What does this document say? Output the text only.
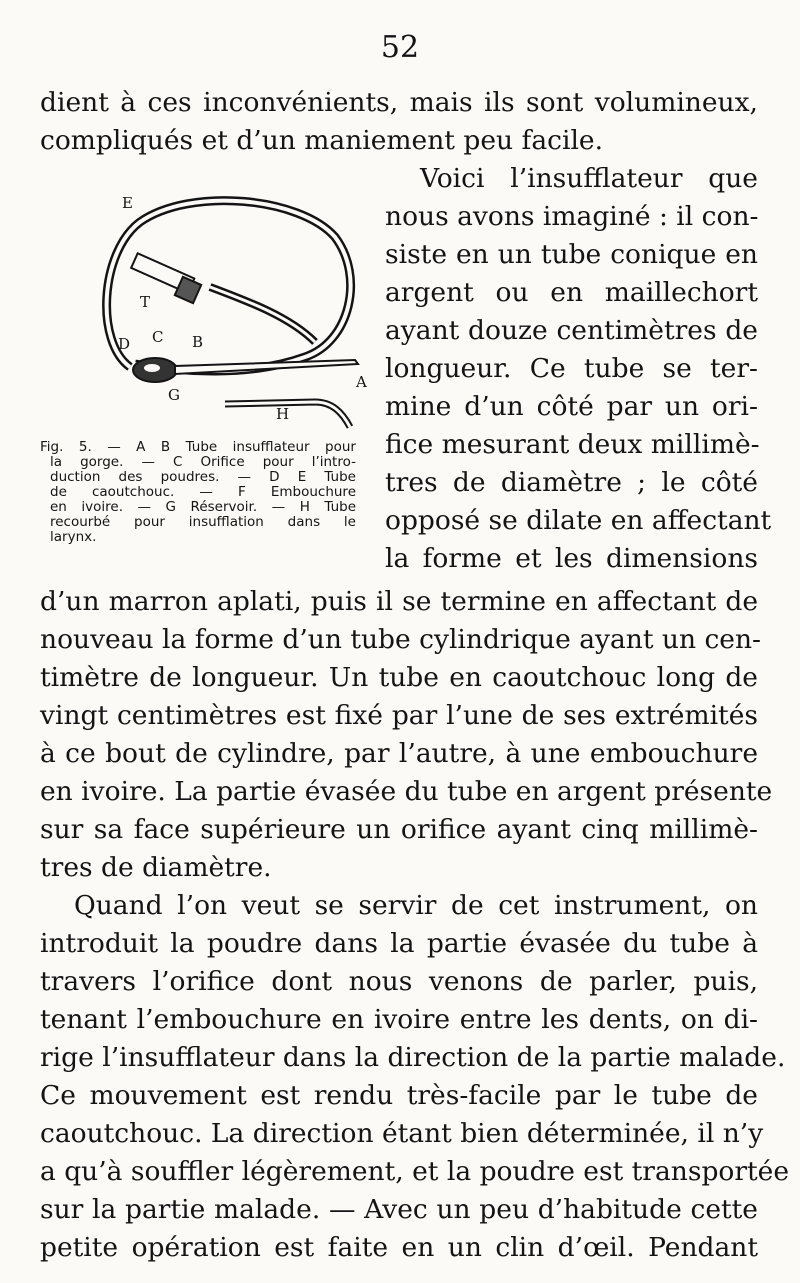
52
E
T
D C B
A
G
H
Fig. 5. — A B Tube insufflateur pour
la gorge. — C Orifice pour l’intro-
duction des poudres. — D E Tube
de caoutchouc. — F Embouchure
en ivoire. — G Réservoir. — H Tube
recourbé pour insufflation dans le
larynx.
dient à ces inconvénients, mais ils sont volumineux,
compliqués et d’un maniement peu facile.
Voici l’insufflateur que
nous avons imaginé : il con-
siste en un tube conique en
argent ou en maillechort
ayant douze centimètres de
longueur. Ce tube se ter-
mine d’un côté par un ori-
fice mesurant deux millimè-
tres de diamètre ; le côté
opposé se dilate en affectant
la forme et les dimensions
d’un marron aplati, puis il se termine en affectant de
nouveau la forme d’un tube cylindrique ayant un cen-
timètre de longueur. Un tube en caoutchouc long de
vingt centimètres est fixé par l’une de ses extrémités
à ce bout de cylindre, par l’autre, à une embouchure
en ivoire. La partie évasée du tube en argent présente
sur sa face supérieure un orifice ayant cinq millimè-
tres de diamètre.
Quand l’on veut se servir de cet instrument, on
introduit la poudre dans la partie évasée du tube à
travers l’orifice dont nous venons de parler, puis,
tenant l’embouchure en ivoire entre les dents, on di-
rige l’insufflateur dans la direction de la partie malade.
Ce mouvement est rendu très-facile par le tube de
caoutchouc. La direction étant bien déterminée, il n’y
a qu’à souffler légèrement, et la poudre est transportée
sur la partie malade. — Avec un peu d’habitude cette
petite opération est faite en un clin d’œil. Pendant
